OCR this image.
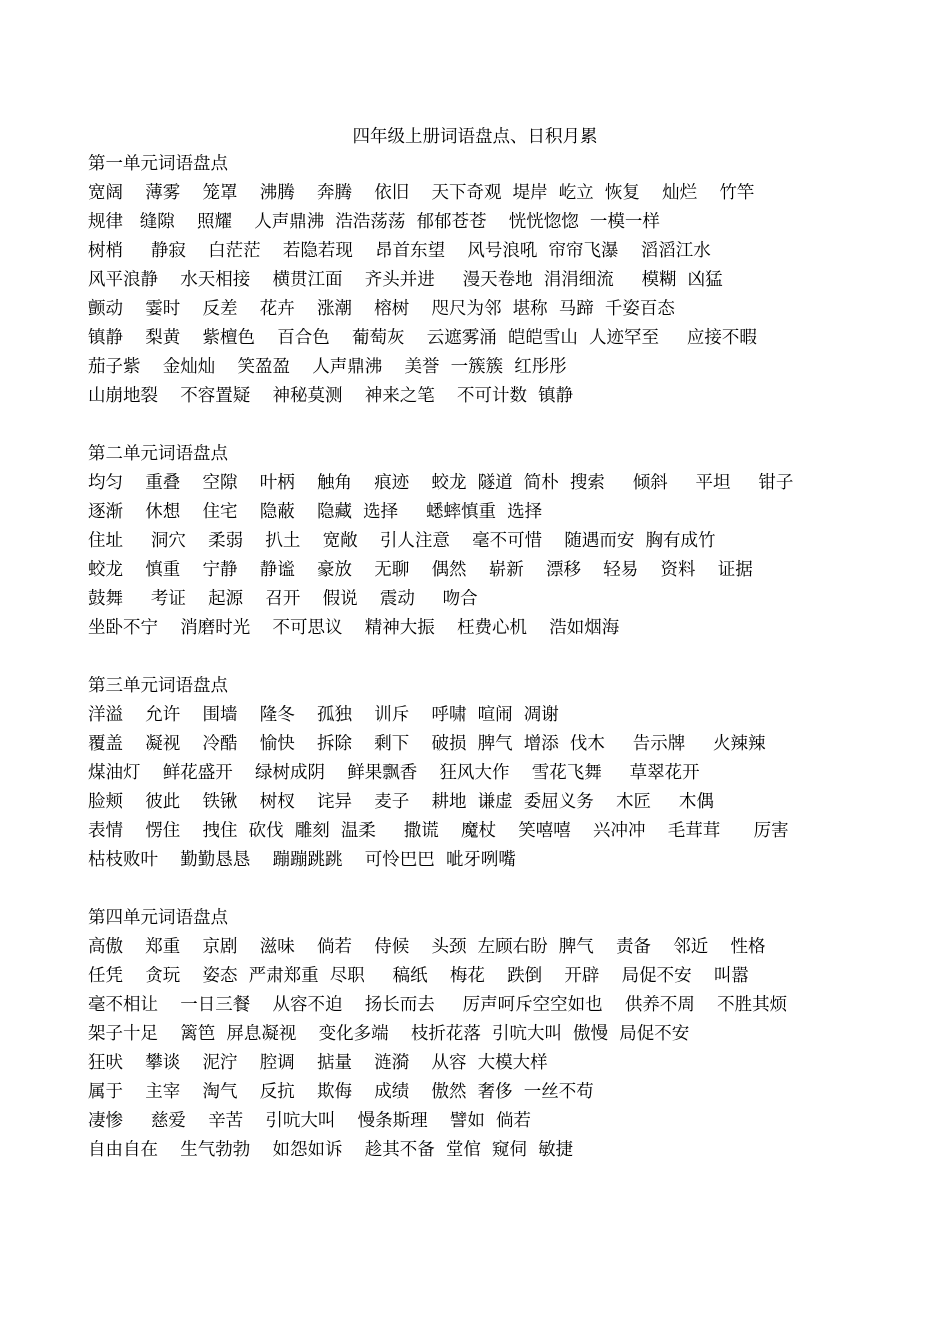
四年级上册词语盘点、日积月累
第一单元词语盘点
宽阔    薄雾    笼罩    沸腾    奔腾    依旧    天下奇观  堤岸  屹立  恢复    灿烂    竹竿
规律   缝隙    照耀    人声鼎沸  浩浩荡荡  郁郁苍苍    恍恍惚惚  一模一样
树梢     静寂    白茫茫    若隐若现    昂首东望    风号浪吼  帘帘飞瀑    滔滔江水
风平浪静    水天相接    横贯江面    齐头并进     漫天卷地  涓涓细流     模糊  凶猛
颤动    霎时    反差    花卉    涨潮    榕树    咫尺为邻  堪称  马蹄  千姿百态
镇静    梨黄    紫檀色    百合色    葡萄灰    云遮雾涌  皑皑雪山  人迹罕至     应接不暇
茄子紫    金灿灿    笑盈盈    人声鼎沸    美誉  一簇簇  红彤彤
山崩地裂    不容置疑    神秘莫测    神来之笔    不可计数  镇静
第二单元词语盘点
均匀    重叠    空隙    叶柄    触角    痕迹    蛟龙  隧道  简朴  搜索     倾斜     平坦     钳子
逐渐    休想    住宅    隐蔽    隐藏  选择     蟋蟀慎重  选择
住址     洞穴    柔弱    扒土    宽敞    引人注意    毫不可惜    随遇而安  胸有成竹
蛟龙    慎重    宁静    静谧    豪放    无聊    偶然    崭新    漂移    轻易    资料    证据
鼓舞     考证    起源    召开    假说    震动     吻合
坐卧不宁    消磨时光    不可思议    精神大振    枉费心机    浩如烟海
第三单元词语盘点
洋溢    允许    围墙    隆冬    孤独    训斥    呼啸  喧闹  凋谢
覆盖    凝视    冷酷    愉快    拆除    剩下    破损  脾气  增添  伐木     告示牌     火辣辣
煤油灯    鲜花盛开    绿树成阴    鲜果飘香    狂风大作    雪花飞舞     草翠花开
脸颊    彼此    铁锹    树杈    诧异    麦子    耕地  谦虚  委屈义务    木匠     木偶
表情    愣住    拽住  砍伐  雕刻  温柔     撒谎    魔杖    笑嘻嘻    兴冲冲    毛茸茸      厉害
枯枝败叶    勤勤恳恳    蹦蹦跳跳    可怜巴巴  呲牙咧嘴
第四单元词语盘点
高傲    郑重    京剧    滋味    倘若    侍候    头颈  左顾右盼  脾气    责备    邻近    性格
任凭    贪玩    姿态  严肃郑重  尽职     稿纸    梅花    跌倒    开辟    局促不安    叫嚣
毫不相让    一日三餐    从容不迫    扬长而去     厉声呵斥空空如也    供养不周    不胜其烦
架子十足    篱笆  屏息凝视    变化多端    枝折花落  引吭大叫  傲慢  局促不安
狂吠    攀谈    泥泞    腔调    掂量    涟漪    从容  大模大样
属于    主宰    淘气    反抗    欺侮    成绩    傲然  奢侈  一丝不苟
凄惨     慈爱    辛苦    引吭大叫    慢条斯理    譬如  倘若
自由自在    生气勃勃    如怨如诉    趁其不备  堂倌  窥伺  敏捷
